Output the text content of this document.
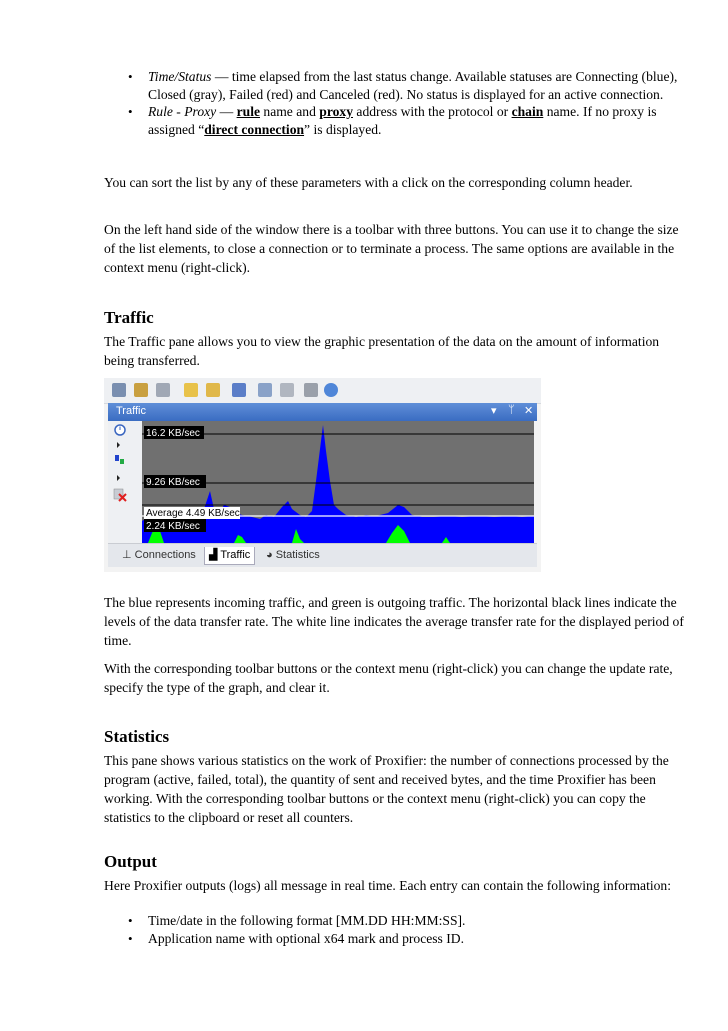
• Time/Status — time elapsed from the last status change. Available statuses are Connecting (blue), Closed (gray), Failed (red) and Canceled (red). No status is displayed for an active connection.
• Rule - Proxy — rule name and proxy address with the protocol or chain name. If no proxy is assigned “direct connection” is displayed.

You can sort the list by any of these parameters with a click on the corresponding column header.

On the left hand side of the window there is a toolbar with three buttons. You can use it to change the size of the list elements, to close a connection or to terminate a process. The same options are available in the context menu (right-click).

Traffic

The Traffic pane allows you to view the graphic presentation of the data on the amount of information being transferred.

Traffic	▾ ᛘ ✕
16.2 KB/sec
9.26 KB/sec
Average 4.49 KB/sec
2.24 KB/sec
⊥ Connections	▟ Traffic	◕ Statistics

The blue represents incoming traffic, and green is outgoing traffic. The horizontal black lines indicate the levels of the data transfer rate. The white line indicates the average transfer rate for the displayed period of time.

With the corresponding toolbar buttons or the context menu (right-click) you can change the update rate, specify the type of the graph, and clear it.

Statistics

This pane shows various statistics on the work of Proxifier: the number of connections processed by the program (active, failed, total), the quantity of sent and received bytes, and the time Proxifier has been working. With the corresponding toolbar buttons or the context menu (right-click) you can copy the statistics to the clipboard or reset all counters.

Output

Here Proxifier outputs (logs) all message in real time. Each entry can contain the following information:

• Time/date in the following format [MM.DD HH:MM:SS].
• Application name with optional x64 mark and process ID.
